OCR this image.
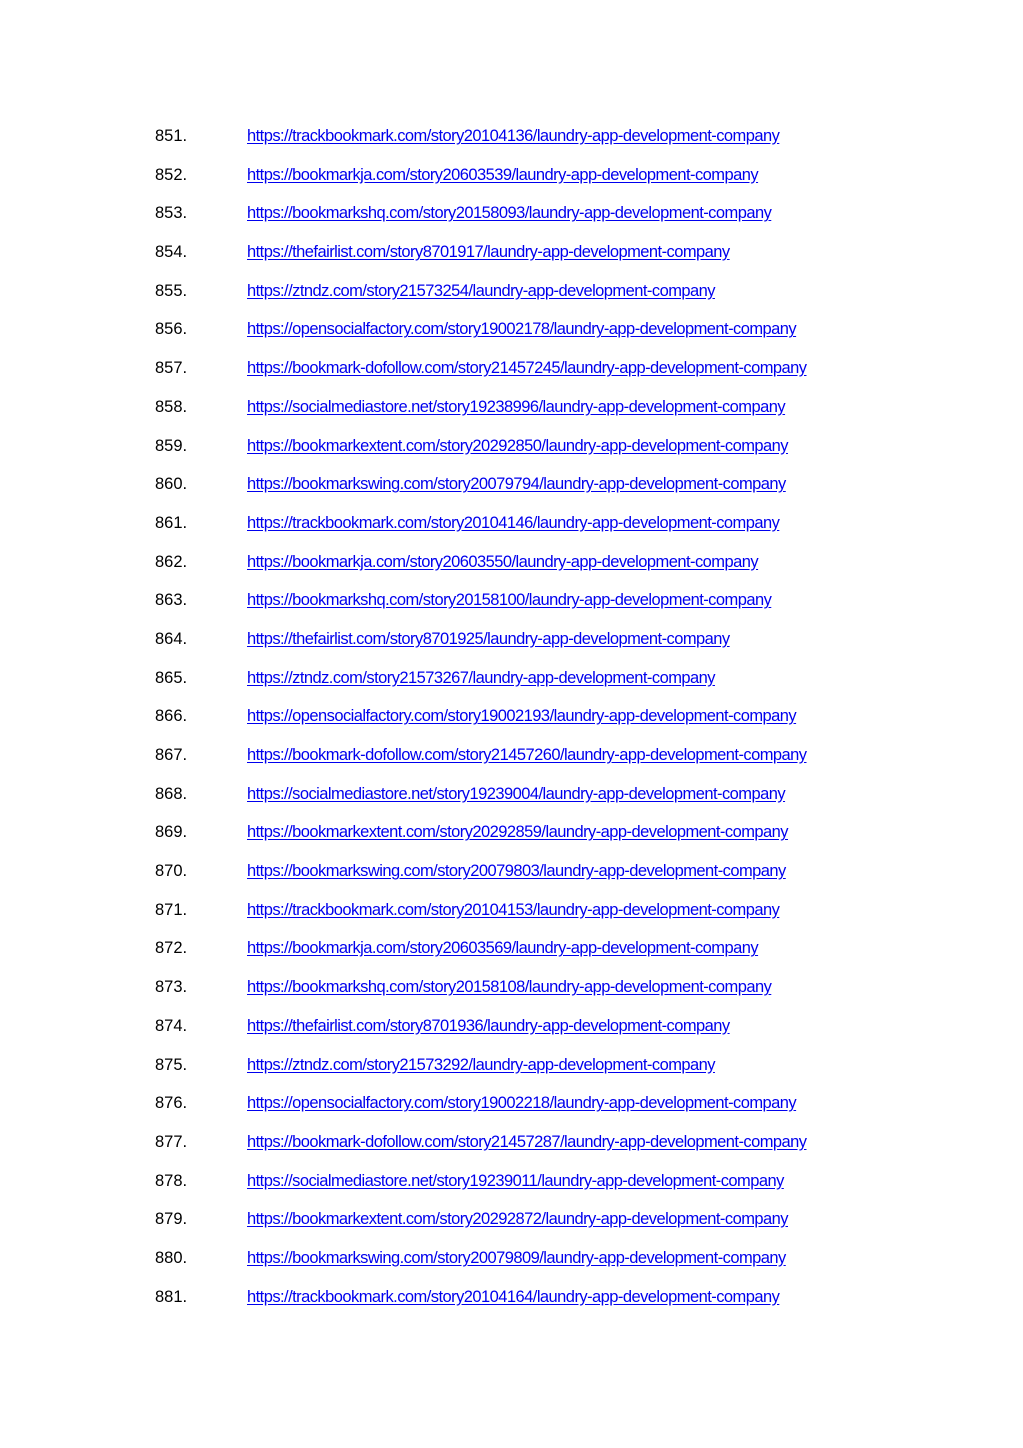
851.	https://trackbookmark.com/story20104136/laundry-app-development-company
852.	https://bookmarkja.com/story20603539/laundry-app-development-company
853.	https://bookmarkshq.com/story20158093/laundry-app-development-company
854.	https://thefairlist.com/story8701917/laundry-app-development-company
855.	https://ztndz.com/story21573254/laundry-app-development-company
856.	https://opensocialfactory.com/story19002178/laundry-app-development-company
857.	https://bookmark-dofollow.com/story21457245/laundry-app-development-company
858.	https://socialmediastore.net/story19238996/laundry-app-development-company
859.	https://bookmarkextent.com/story20292850/laundry-app-development-company
860.	https://bookmarkswing.com/story20079794/laundry-app-development-company
861.	https://trackbookmark.com/story20104146/laundry-app-development-company
862.	https://bookmarkja.com/story20603550/laundry-app-development-company
863.	https://bookmarkshq.com/story20158100/laundry-app-development-company
864.	https://thefairlist.com/story8701925/laundry-app-development-company
865.	https://ztndz.com/story21573267/laundry-app-development-company
866.	https://opensocialfactory.com/story19002193/laundry-app-development-company
867.	https://bookmark-dofollow.com/story21457260/laundry-app-development-company
868.	https://socialmediastore.net/story19239004/laundry-app-development-company
869.	https://bookmarkextent.com/story20292859/laundry-app-development-company
870.	https://bookmarkswing.com/story20079803/laundry-app-development-company
871.	https://trackbookmark.com/story20104153/laundry-app-development-company
872.	https://bookmarkja.com/story20603569/laundry-app-development-company
873.	https://bookmarkshq.com/story20158108/laundry-app-development-company
874.	https://thefairlist.com/story8701936/laundry-app-development-company
875.	https://ztndz.com/story21573292/laundry-app-development-company
876.	https://opensocialfactory.com/story19002218/laundry-app-development-company
877.	https://bookmark-dofollow.com/story21457287/laundry-app-development-company
878.	https://socialmediastore.net/story19239011/laundry-app-development-company
879.	https://bookmarkextent.com/story20292872/laundry-app-development-company
880.	https://bookmarkswing.com/story20079809/laundry-app-development-company
881.	https://trackbookmark.com/story20104164/laundry-app-development-company
